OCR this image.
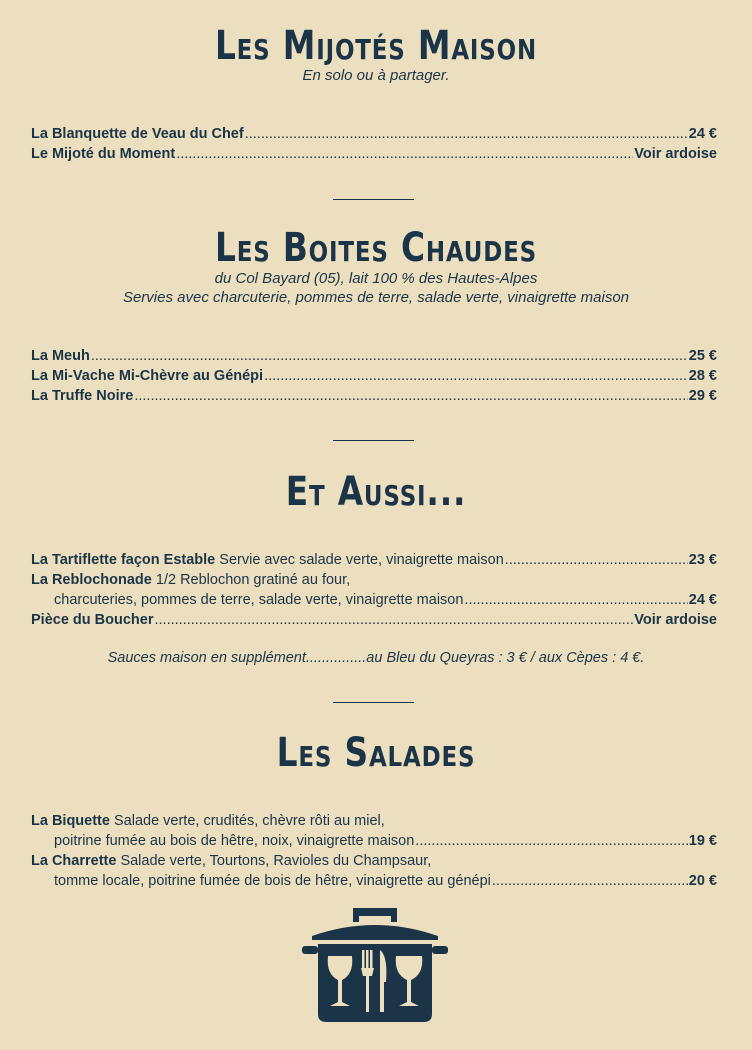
Les Mijotés Maison
En solo ou à partager.
La Blanquette de Veau du Chef .....	24 €
Le Mijoté du Moment .....	Voir ardoise
Les Boites Chaudes
du Col Bayard (05), lait 100 % des Hautes-Alpes
Servies avec charcuterie, pommes de terre, salade verte, vinaigrette maison
La Meuh .....	25 €
La Mi-Vache Mi-Chèvre au Génépi .....	28 €
La Truffe Noire .....	29 €
Et Aussi...
La Tartiflette façon Estable Servie avec salade verte, vinaigrette maison .....	23 €
La Reblochonade 1/2 Reblochon gratiné au four,
charcuteries, pommes de terre, salade verte, vinaigrette maison .....	24 €
Pièce du Boucher .....	Voir ardoise
Sauces maison en supplément...............au Bleu du Queyras : 3 € / aux Cèpes : 4 €.
Les Salades
La Biquette Salade verte, crudités, chèvre rôti au miel,
poitrine fumée au bois de hêtre, noix, vinaigrette maison .....	19 €
La Charrette Salade verte, Tourtons, Ravioles du Champsaur,
tomme locale, poitrine fumée de bois de hêtre, vinaigrette au génépi .....	20 €
